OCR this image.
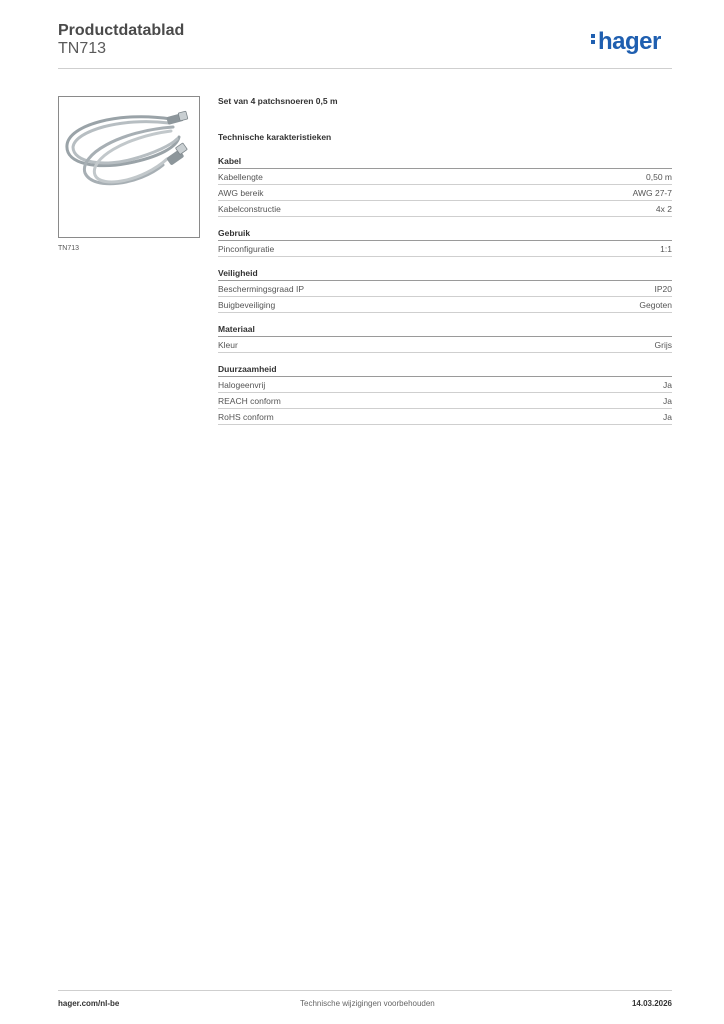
Productdatablad
TN713	hager
TN713
Set van 4 patchsnoeren 0,5 m
Technische karakteristieken
Kabel
Kabellengte	0,50 m
AWG bereik	AWG 27-7
Kabelconstructie	4x 2
Gebruik
Pinconfiguratie	1:1
Veiligheid
Beschermingsgraad IP	IP20
Buigbeveiliging	Gegoten
Materiaal
Kleur	Grijs
Duurzaamheid
Halogeenvrij	Ja
REACH conform	Ja
RoHS conform	Ja
hager.com/nl-be	Technische wijzigingen voorbehouden	14.03.2026
